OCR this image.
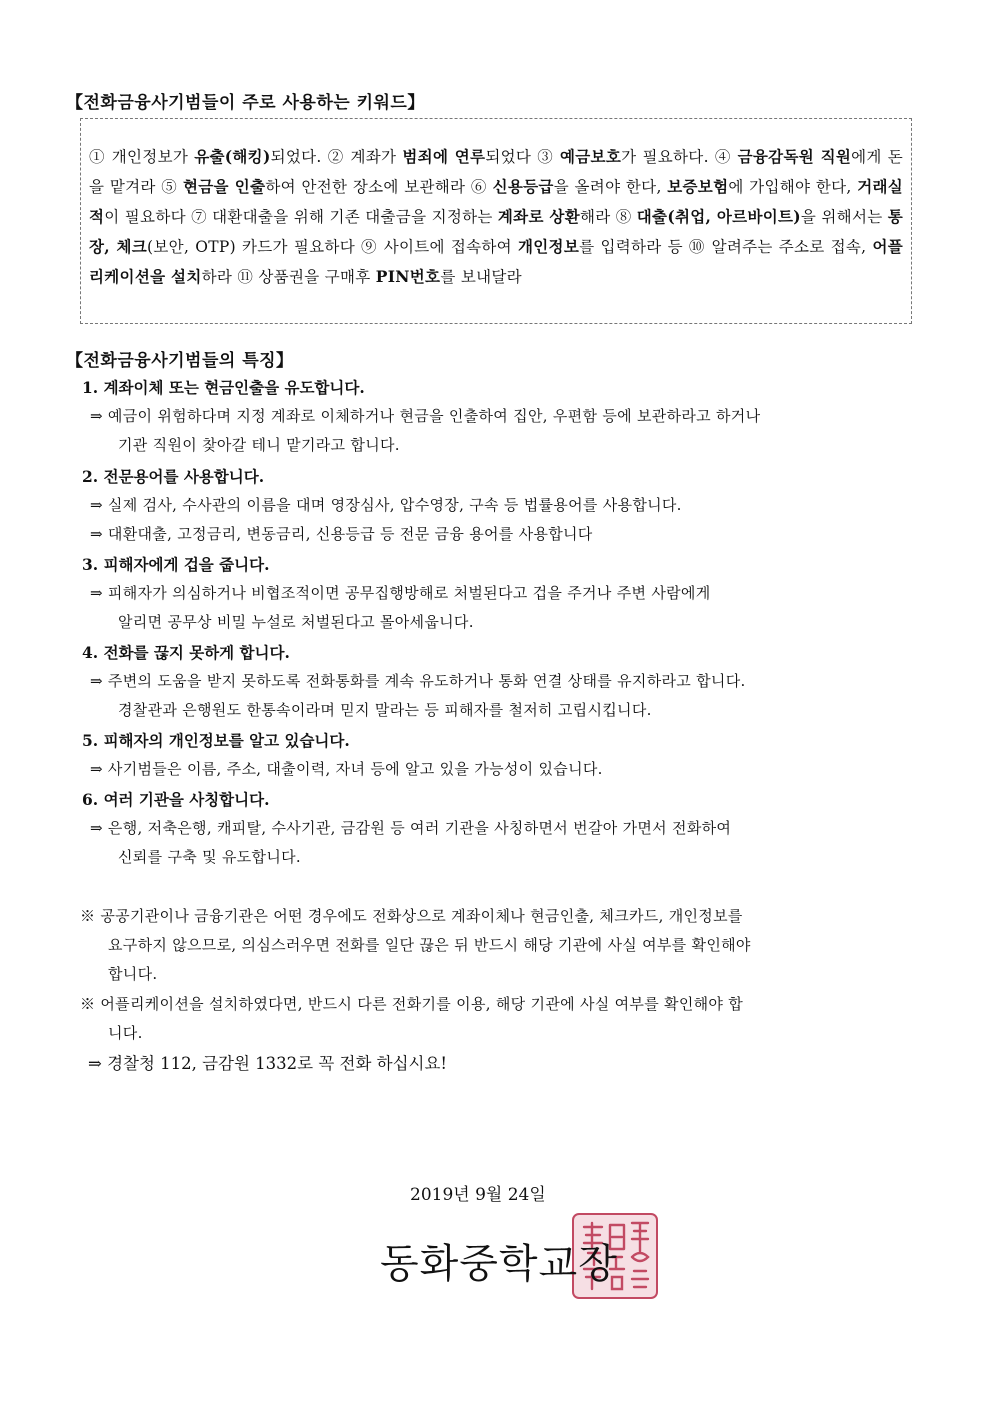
【전화금융사기범들이 주로 사용하는 키워드】
① 개인정보가 유출(해킹)되었다. ② 계좌가 범죄에 연루되었다 ③ 예금보호가 필요하다. ④ 금융감독원 직원에게 돈을 맡겨라 ⑤ 현금을 인출하여 안전한 장소에 보관해라 ⑥ 신용등급을 올려야 한다, 보증보험에 가입해야 한다, 거래실적이 필요하다 ⑦ 대환대출을 위해 기존 대출금을 지정하는 계좌로 상환해라 ⑧ 대출(취업, 아르바이트)을 위해서는 통장, 체크(보안, OTP) 카드가 필요하다 ⑨ 사이트에 접속하여 개인정보를 입력하라 등 ⑩ 알려주는 주소로 접속, 어플리케이션을 설치하라 ⑪ 상품권을 구매후 PIN번호를 보내달라
【전화금융사기범들의 특징】
1. 계좌이체 또는 현금인출을 유도합니다.
⇒ 예금이 위험하다며 지정 계좌로 이체하거나 현금을 인출하여 집안, 우편함 등에 보관하라고 하거나
기관 직원이 찾아갈 테니 맡기라고 합니다.
2. 전문용어를 사용합니다.
⇒ 실제 검사, 수사관의 이름을 대며 영장심사, 압수영장, 구속 등 법률용어를 사용합니다.
⇒ 대환대출, 고정금리, 변동금리, 신용등급 등 전문 금융 용어를 사용합니다
3. 피해자에게 겁을 줍니다.
⇒ 피해자가 의심하거나 비협조적이면 공무집행방해로 처벌된다고 겁을 주거나 주변 사람에게
알리면 공무상 비밀 누설로 처벌된다고 몰아세웁니다.
4. 전화를 끊지 못하게 합니다.
⇒ 주변의 도움을 받지 못하도록 전화통화를 계속 유도하거나 통화 연결 상태를 유지하라고 합니다.
경찰관과 은행원도 한통속이라며 믿지 말라는 등 피해자를 철저히 고립시킵니다.
5. 피해자의 개인정보를 알고 있습니다.
⇒ 사기범들은 이름, 주소, 대출이력, 자녀 등에 알고 있을 가능성이 있습니다.
6. 여러 기관을 사칭합니다.
⇒ 은행, 저축은행, 캐피탈, 수사기관, 금감원 등 여러 기관을 사칭하면서 번갈아 가면서 전화하여
신뢰를 구축 및 유도합니다.
※ 공공기관이나 금융기관은 어떤 경우에도 전화상으로 계좌이체나 현금인출, 체크카드, 개인정보를
요구하지 않으므로, 의심스러우면 전화를 일단 끊은 뒤 반드시 해당 기관에 사실 여부를 확인해야
합니다.
※ 어플리케이션을 설치하였다면, 반드시 다른 전화기를 이용, 해당 기관에 사실 여부를 확인해야 합
니다.
⇒ 경찰청 112, 금감원 1332로 꼭 전화 하십시요!
2019년 9월 24일
동화중학교장
